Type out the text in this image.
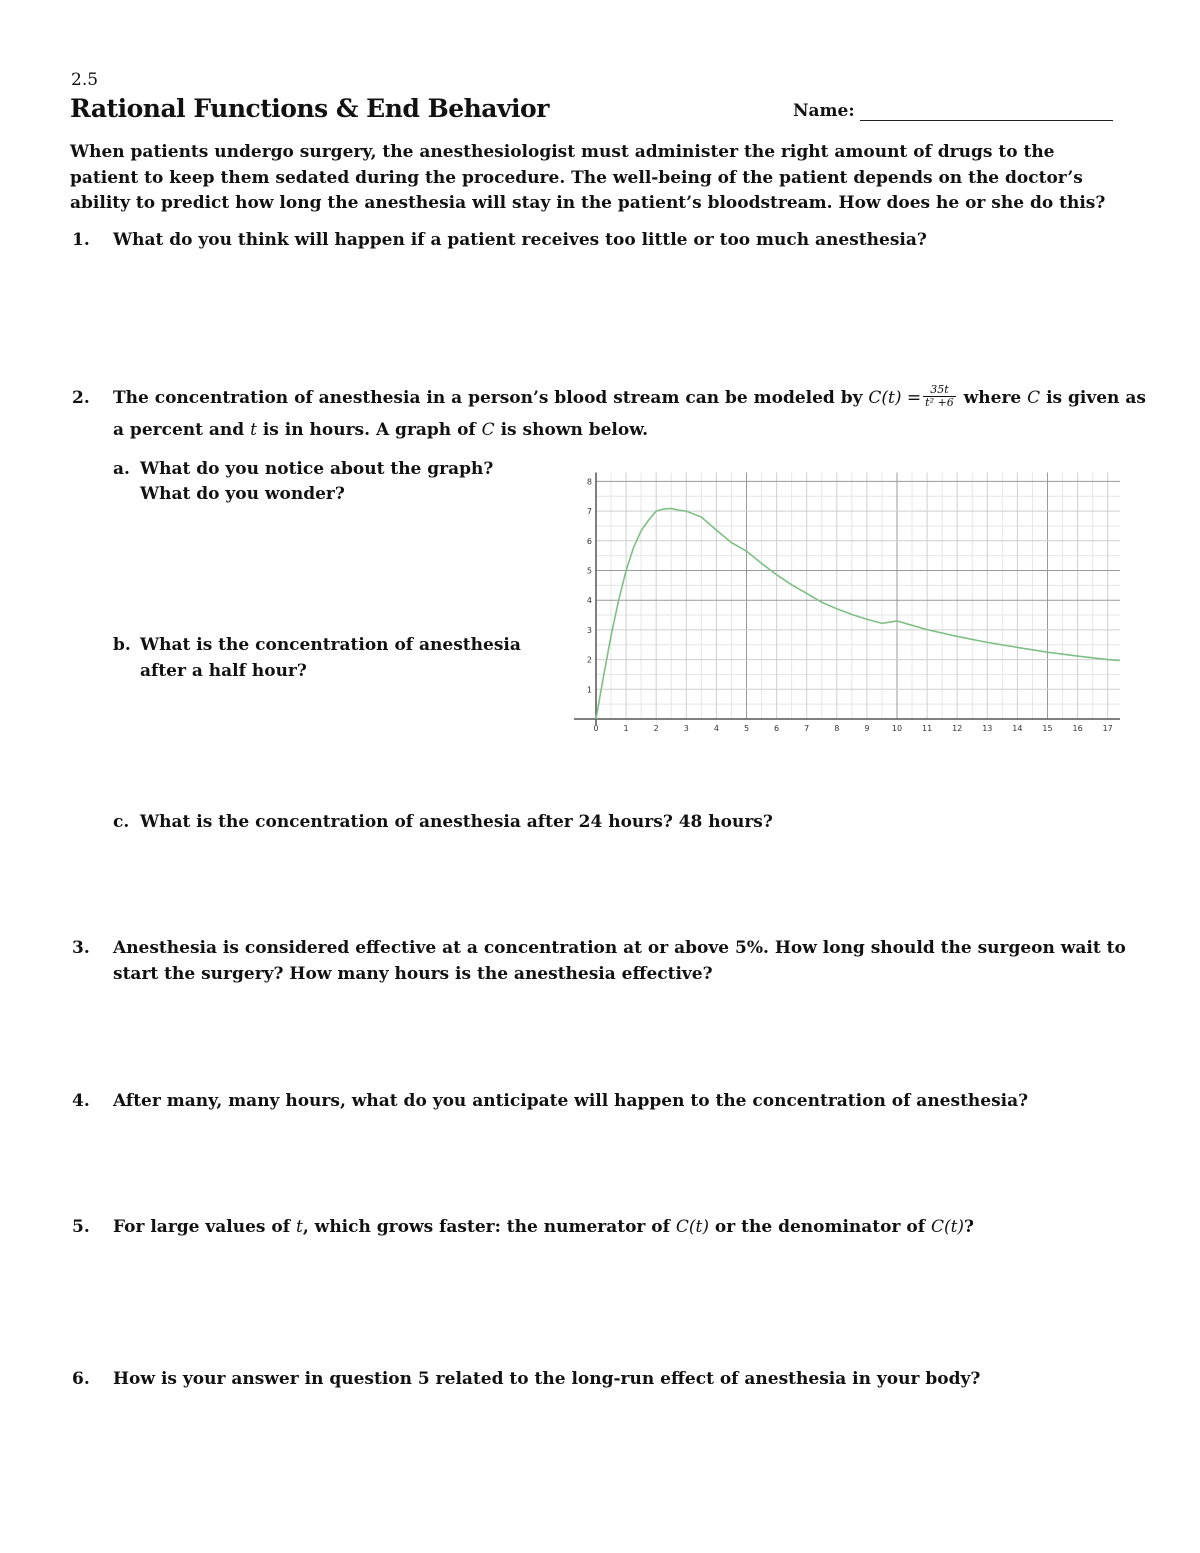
2.5
Rational Functions & End Behavior	Name:
When patients undergo surgery, the anesthesiologist must administer the right amount of drugs to the patient to keep them sedated during the procedure. The well-being of the patient depends on the doctor’s ability to predict how long the anesthesia will stay in the patient’s bloodstream. How does he or she do this?
1. What do you think will happen if a patient receives too little or too much anesthesia?
2. The concentration of anesthesia in a person’s blood stream can be modeled by $C(t) = \frac{35t}{\text{t² +6}}$ where C is given as
a percent and t is in hours. A graph of C is shown below.
a. What do you notice about the graph?
What do you wonder?
b. What is the concentration of anesthesia
after a half hour?
0	1	2	3	4	5	6	7	8	9	10 11 12 13 14 15 16 17
1
2
3
4
5
6
7
8
c. What is the concentration of anesthesia after 24 hours? 48 hours?
3. Anesthesia is considered effective at a concentration at or above 5%. How long should the surgeon wait to
start the surgery? How many hours is the anesthesia effective?
4. After many, many hours, what do you anticipate will happen to the concentration of anesthesia?
5. For large values of t, which grows faster: the numerator of C(t) or the denominator of C(t)?
6. How is your answer in question 5 related to the long-run effect of anesthesia in your body?
